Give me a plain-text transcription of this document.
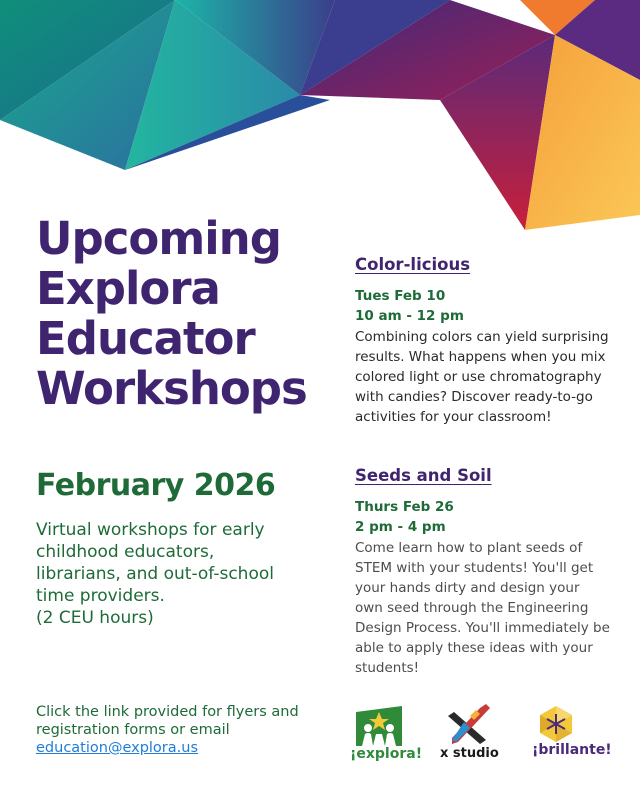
Upcoming
Explora
Educator
Workshops
February 2026

Virtual workshops for early
childhood educators,
librarians, and out-of-school
time providers.
(2 CEU hours)

Color-licious
Tues Feb 10
10 am - 12 pm

Combining colors can yield surprising results. What happens when you mix colored light or use chromatography with candies? Discover ready-to-go activities for your classroom!

Seeds and Soil
Thurs Feb 26
2 pm - 4 pm

Come learn how to plant seeds of STEM with your students! You'll get your hands dirty and design your own seed through the Engineering Design Process. You'll immediately be able to apply these ideas with your students!

Click the link provided for flyers and
registration forms or email
education@explora.us	¡explora! x studio ¡brillante!
